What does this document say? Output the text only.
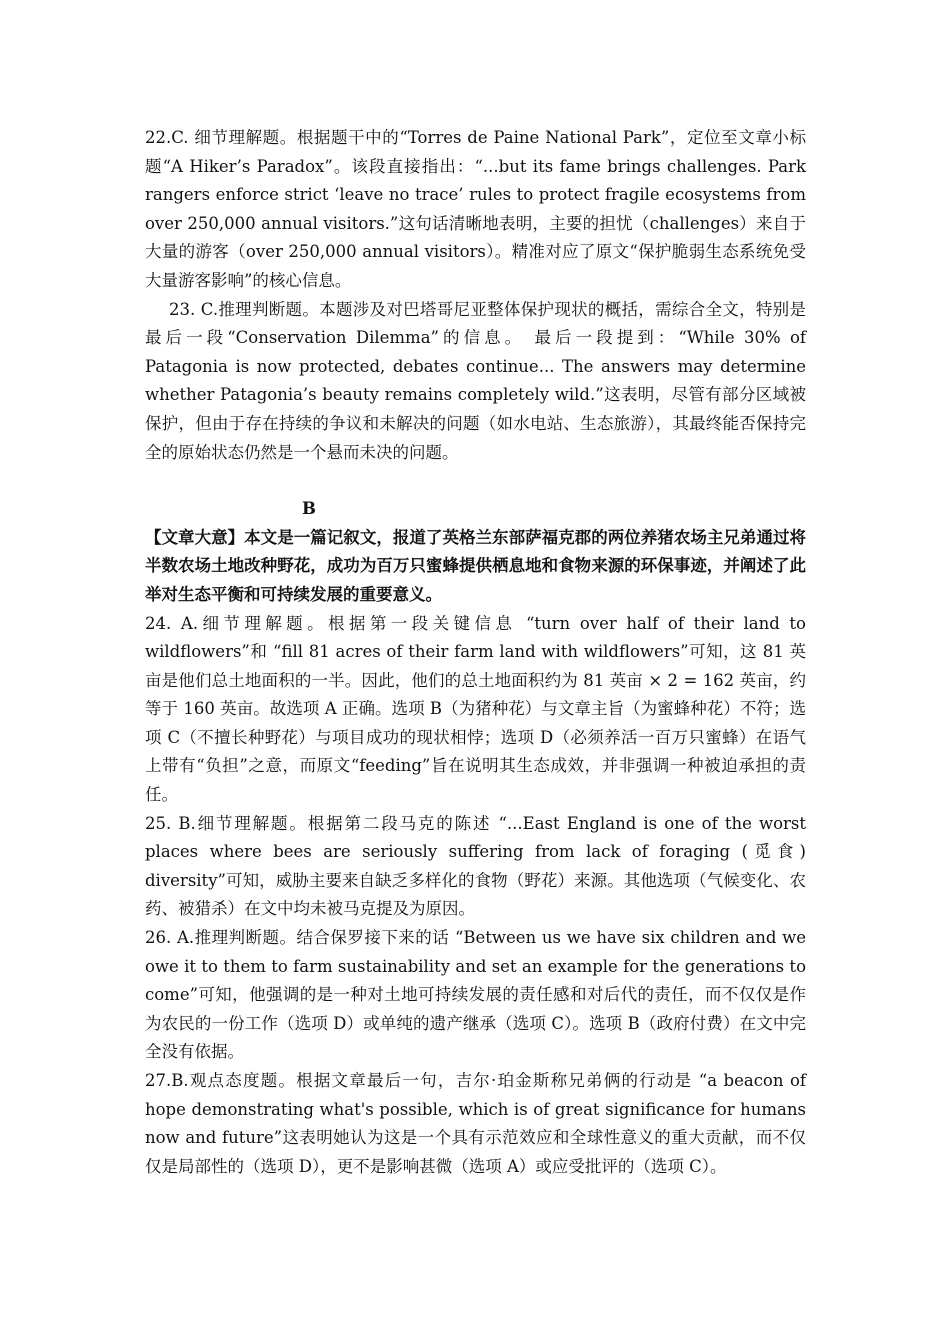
22.C. 细节理解题。根据题干中的“Torres de Paine National Park”，定位至文章小标题“A Hiker’s Paradox”。该段直接指出：“...but its fame brings challenges. Park rangers enforce strict ‘leave no trace’ rules to protect fragile ecosystems from over 250,000 annual visitors.”这句话清晰地表明，主要的担忧（challenges）来自于大量的游客（over 250,000 annual visitors）。精准对应了原文“保护脆弱生态系统免受大量游客影响”的核心信息。

23. C.推理判断题。本题涉及对巴塔哥尼亚整体保护现状的概括，需综合全文，特别是最后一段“Conservation Dilemma”的信息。 最后一段提到：“While 30% of Patagonia is now protected, debates continue... The answers may determine whether Patagonia’s beauty remains completely wild.”这表明，尽管有部分区域被保护，但由于存在持续的争议和未解决的问题（如水电站、生态旅游），其最终能否保持完全的原始状态仍然是一个悬而未决的问题。

B

【文章大意】本文是一篇记叙文，报道了英格兰东部萨福克郡的两位养猪农场主兄弟通过将半数农场土地改种野花，成功为百万只蜜蜂提供栖息地和食物来源的环保事迹，并阐述了此举对生态平衡和可持续发展的重要意义。

24. A.细节理解题。根据第一段关键信息 “turn over half of their land to wildflowers”和 “fill 81 acres of their farm land with wildflowers”可知，这 81 英亩是他们总土地面积的一半。因此，他们的总土地面积约为 81 英亩 × 2 = 162 英亩，约等于 160 英亩。故选项 A 正确。选项 B（为猪种花）与文章主旨（为蜜蜂种花）不符；选项 C（不擅长种野花）与项目成功的现状相悖；选项 D（必须养活一百万只蜜蜂）在语气上带有“负担”之意，而原文“feeding”旨在说明其生态成效，并非强调一种被迫承担的责任。

25. B.细节理解题。根据第二段马克的陈述 “...East England is one of the worst places where bees are seriously suffering from lack of foraging (觅食) diversity”可知，威胁主要来自缺乏多样化的食物（野花）来源。其他选项（气候变化、农药、被猎杀）在文中均未被马克提及为原因。

26. A.推理判断题。结合保罗接下来的话 “Between us we have six children and we owe it to them to farm sustainability and set an example for the generations to come”可知，他强调的是一种对土地可持续发展的责任感和对后代的责任，而不仅仅是作为农民的一份工作（选项 D）或单纯的遗产继承（选项 C）。选项 B（政府付费）在文中完全没有依据。

27.B.观点态度题。根据文章最后一句，吉尔·珀金斯称兄弟俩的行动是 “a beacon of hope demonstrating what's possible, which is of great significance for humans now and future”这表明她认为这是一个具有示范效应和全球性意义的重大贡献，而不仅仅是局部性的（选项 D），更不是影响甚微（选项 A）或应受批评的（选项 C）。
